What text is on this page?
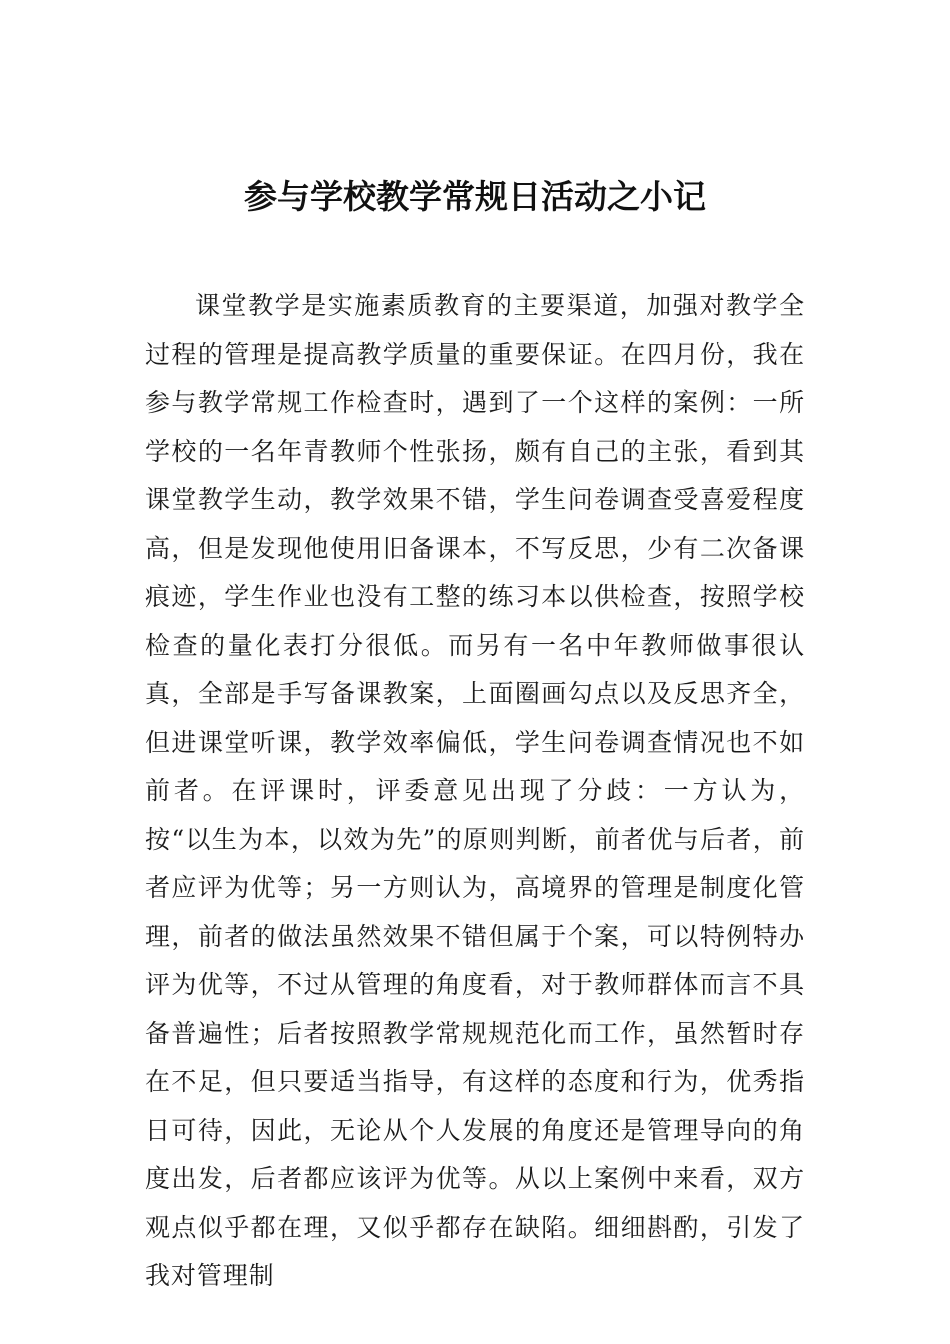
参与学校教学常规日活动之小记

课堂教学是实施素质教育的主要渠道，加强对教学全过程的管理是提高教学质量的重要保证。在四月份，我在参与教学常规工作检查时，遇到了一个这样的案例：一所学校的一名年青教师个性张扬，颇有自己的主张，看到其课堂教学生动，教学效果不错，学生问卷调查受喜爱程度高，但是发现他使用旧备课本，不写反思，少有二次备课痕迹，学生作业也没有工整的练习本以供检查，按照学校检查的量化表打分很低。而另有一名中年教师做事很认真，全部是手写备课教案，上面圈画勾点以及反思齐全，但进课堂听课，教学效率偏低，学生问卷调查情况也不如前者。在评课时，评委意见出现了分歧：一方认为，按“以生为本，以效为先”的原则判断，前者优与后者，前者应评为优等；另一方则认为，高境界的管理是制度化管理，前者的做法虽然效果不错但属于个案，可以特例特办评为优等，不过从管理的角度看，对于教师群体而言不具备普遍性；后者按照教学常规规范化而工作，虽然暂时存在不足，但只要适当指导，有这样的态度和行为，优秀指日可待，因此，无论从个人发展的角度还是管理导向的角度出发，后者都应该评为优等。从以上案例中来看，双方观点似乎都在理，又似乎都存在缺陷。细细斟酌，引发了我对管理制
